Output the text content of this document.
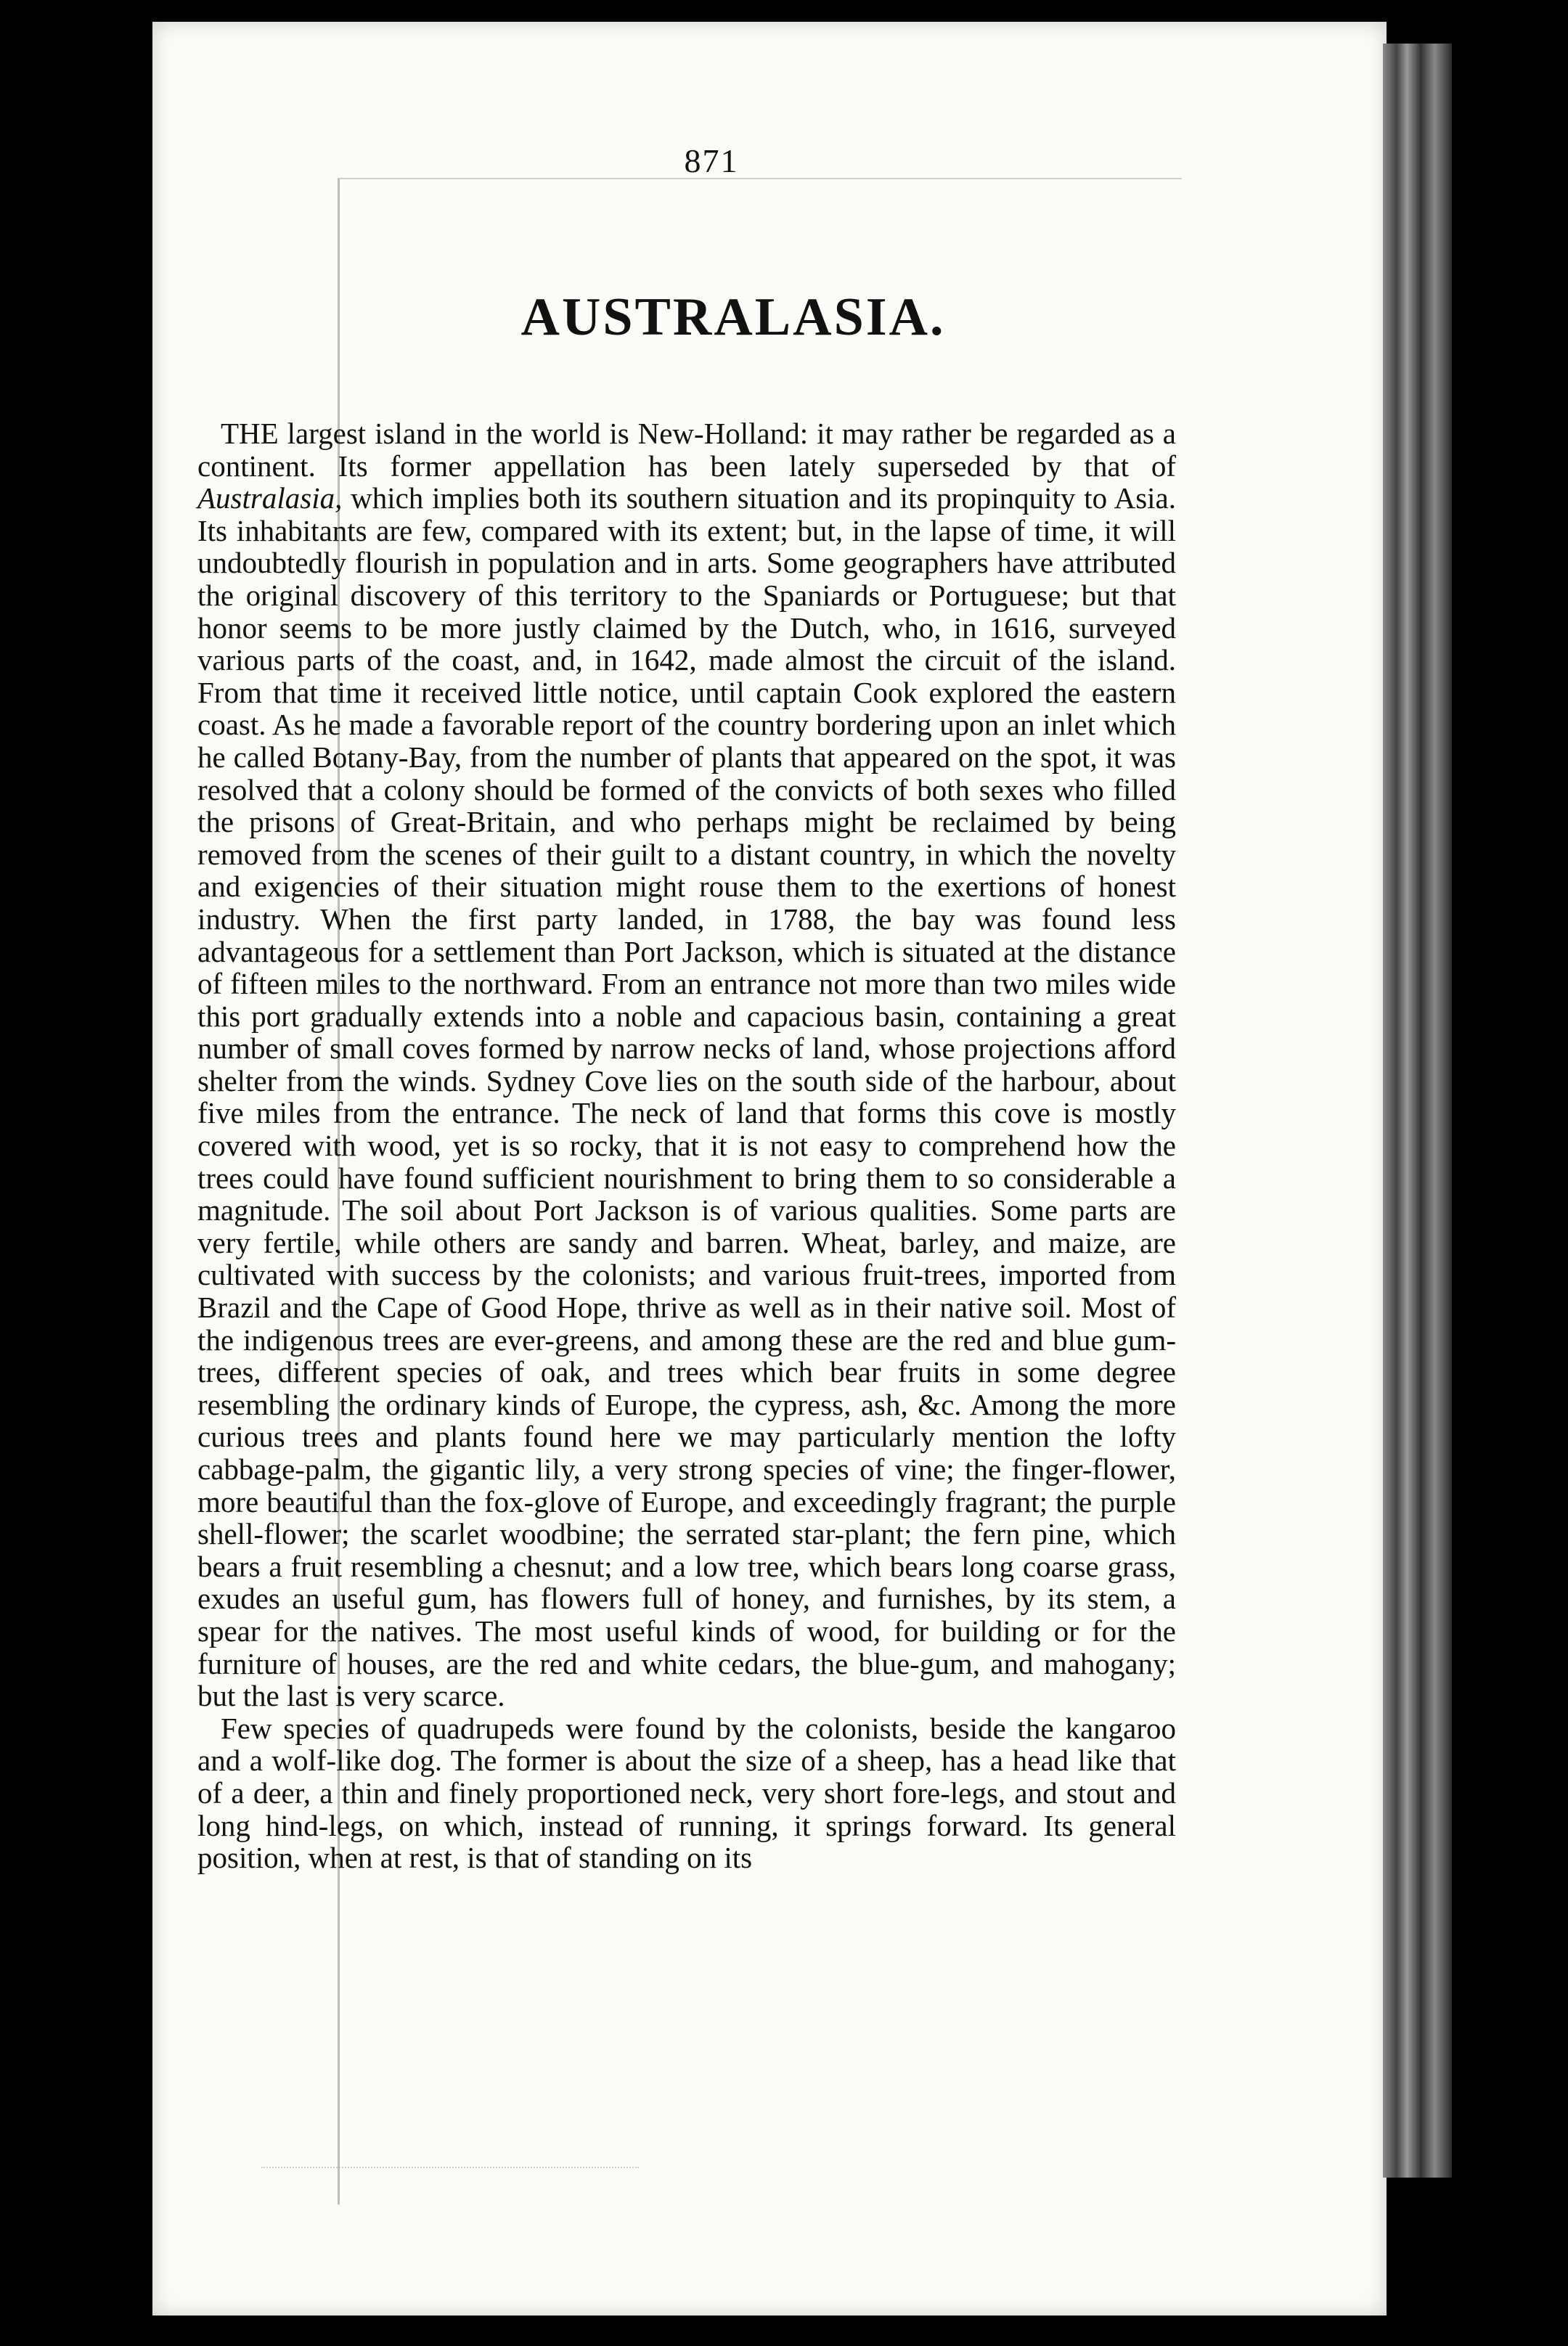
871
AUSTRALASIA.

THE largest island in the world is New-Holland: it may rather be regarded as a continent. Its former appellation has been lately superseded by that of Australasia, which implies both its southern situation and its propinquity to Asia. Its inhabitants are few, compared with its extent; but, in the lapse of time, it will undoubtedly flourish in population and in arts. Some geographers have attributed the original discovery of this territory to the Spaniards or Portuguese; but that honor seems to be more justly claimed by the Dutch, who, in 1616, surveyed various parts of the coast, and, in 1642, made almost the circuit of the island. From that time it received little notice, until captain Cook explored the eastern coast. As he made a favorable report of the country bordering upon an inlet which he called Botany-Bay, from the number of plants that appeared on the spot, it was resolved that a colony should be formed of the convicts of both sexes who filled the prisons of Great-Britain, and who perhaps might be reclaimed by being removed from the scenes of their guilt to a distant country, in which the novelty and exigencies of their situation might rouse them to the exertions of honest industry. When the first party landed, in 1788, the bay was found less advantageous for a settlement than Port Jackson, which is situated at the distance of fifteen miles to the northward. From an entrance not more than two miles wide this port gradually extends into a noble and capacious basin, containing a great number of small coves formed by narrow necks of land, whose projections afford shelter from the winds. Sydney Cove lies on the south side of the harbour, about five miles from the entrance. The neck of land that forms this cove is mostly covered with wood, yet is so rocky, that it is not easy to comprehend how the trees could have found sufficient nourishment to bring them to so considerable a magnitude. The soil about Port Jackson is of various qualities. Some parts are very fertile, while others are sandy and barren. Wheat, barley, and maize, are cultivated with success by the colonists; and various fruit-trees, imported from Brazil and the Cape of Good Hope, thrive as well as in their native soil. Most of the indigenous trees are ever-greens, and among these are the red and blue gum-trees, different species of oak, and trees which bear fruits in some degree resembling the ordinary kinds of Europe, the cypress, ash, &c. Among the more curious trees and plants found here we may particularly mention the lofty cabbage-palm, the gigantic lily, a very strong species of vine; the finger-flower, more beautiful than the fox-glove of Europe, and exceedingly fragrant; the purple shell-flower; the scarlet woodbine; the serrated star-plant; the fern pine, which bears a fruit resembling a chesnut; and a low tree, which bears long coarse grass, exudes an useful gum, has flowers full of honey, and furnishes, by its stem, a spear for the natives. The most useful kinds of wood, for building or for the furniture of houses, are the red and white cedars, the blue-gum, and mahogany; but the last is very scarce.

Few species of quadrupeds were found by the colonists, beside the kangaroo and a wolf-like dog. The former is about the size of a sheep, has a head like that of a deer, a thin and finely proportioned neck, very short fore-legs, and stout and long hind-legs, on which, instead of running, it springs forward. Its general position, when at rest, is that of standing on its
